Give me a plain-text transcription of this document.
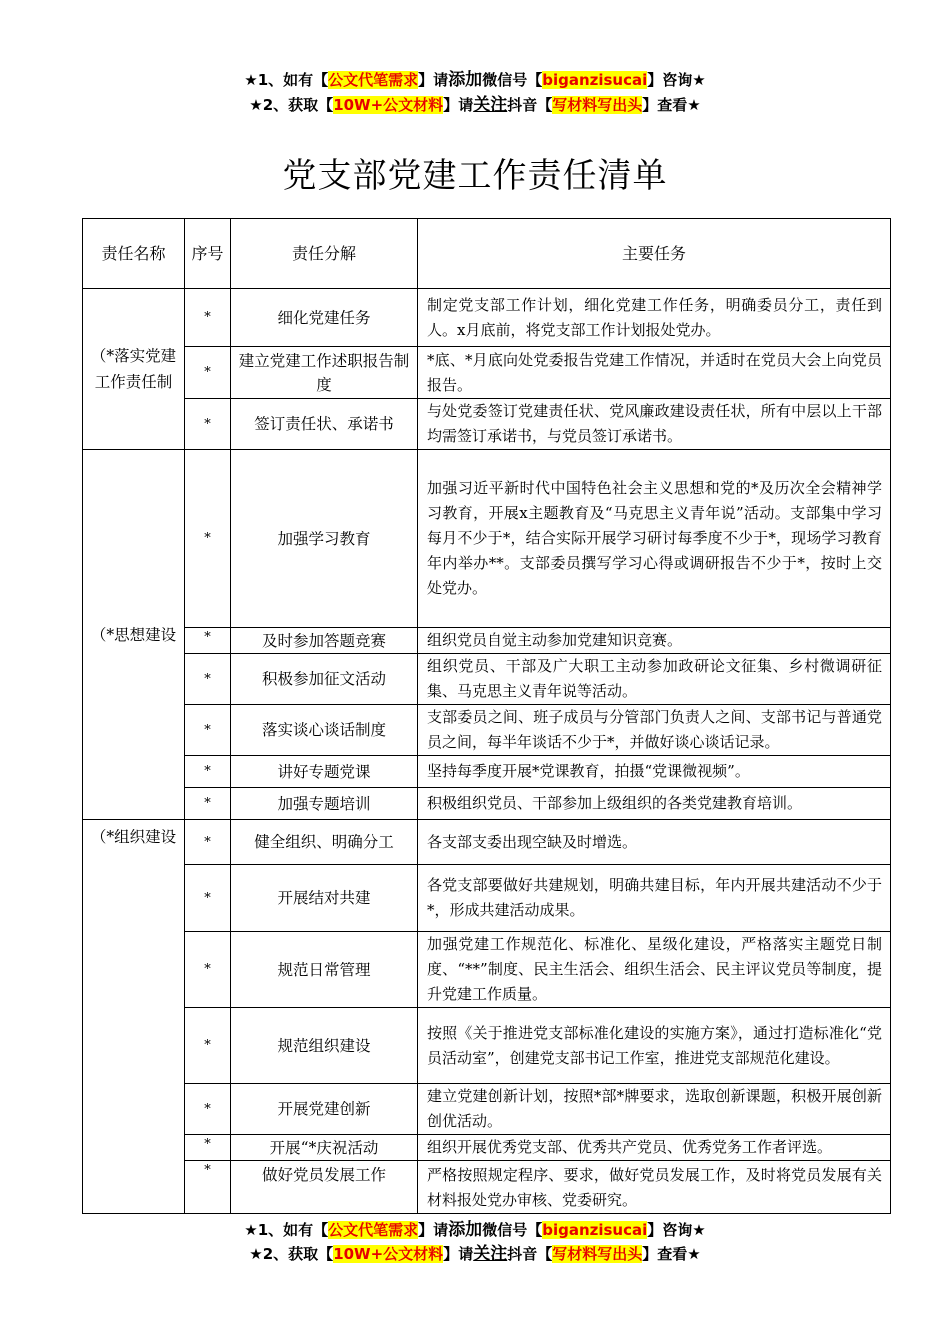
★1、如有【公文代笔需求】请添加微信号【biganzisucai】咨询★
★2、获取【10W+公文材料】请关注抖音【写材料写出头】查看★
党支部党建工作责任清单
责任名称	序号	责任分解	主要任务
（*落实党建工作责任制	*	细化党建任务	制定党支部工作计划，细化党建工作任务，明确委员分工，责任到人。x月底前，将党支部工作计划报处党办。
	*	建立党建工作述职报告制度	*底、*月底向处党委报告党建工作情况，并适时在党员大会上向党员报告。
	*	签订责任状、承诺书	与处党委签订党建责任状、党风廉政建设责任状，所有中层以上干部均需签订承诺书，与党员签订承诺书。
（*思想建设	*	加强学习教育	加强习近平新时代中国特色社会主义思想和党的*及历次全会精神学习教育，开展x主题教育及“马克思主义青年说”活动。支部集中学习每月不少于*，结合实际开展学习研讨每季度不少于*，现场学习教育年内举办**。支部委员撰写学习心得或调研报告不少于*，按时上交处党办。
	*	及时参加答题竞赛	组织党员自觉主动参加党建知识竞赛。
	*	积极参加征文活动	组织党员、干部及广大职工主动参加政研论文征集、乡村微调研征集、马克思主义青年说等活动。
	*	落实谈心谈话制度	支部委员之间、班子成员与分管部门负责人之间、支部书记与普通党员之间，每半年谈话不少于*，并做好谈心谈话记录。
	*	讲好专题党课	坚持每季度开展*党课教育，拍摄“党课微视频”。
	*	加强专题培训	积极组织党员、干部参加上级组织的各类党建教育培训。
（*组织建设	*	健全组织、明确分工	各支部支委出现空缺及时增选。
	*	开展结对共建	各党支部要做好共建规划，明确共建目标，年内开展共建活动不少于*，形成共建活动成果。
	*	规范日常管理	加强党建工作规范化、标准化、星级化建设，严格落实主题党日制度、“**”制度、民主生活会、组织生活会、民主评议党员等制度，提升党建工作质量。
	*	规范组织建设	按照《关于推进党支部标准化建设的实施方案》，通过打造标准化“党员活动室”，创建党支部书记工作室，推进党支部规范化建设。
	*	开展党建创新	建立党建创新计划，按照*部*牌要求，选取创新课题，积极开展创新创优活动。
	*	开展“*庆祝活动	组织开展优秀党支部、优秀共产党员、优秀党务工作者评选。
	*	做好党员发展工作	严格按照规定程序、要求，做好党员发展工作，及时将党员发展有关材料报处党办审核、党委研究。
★1、如有【公文代笔需求】请添加微信号【biganzisucai】咨询★
★2、获取【10W+公文材料】请关注抖音【写材料写出头】查看★
